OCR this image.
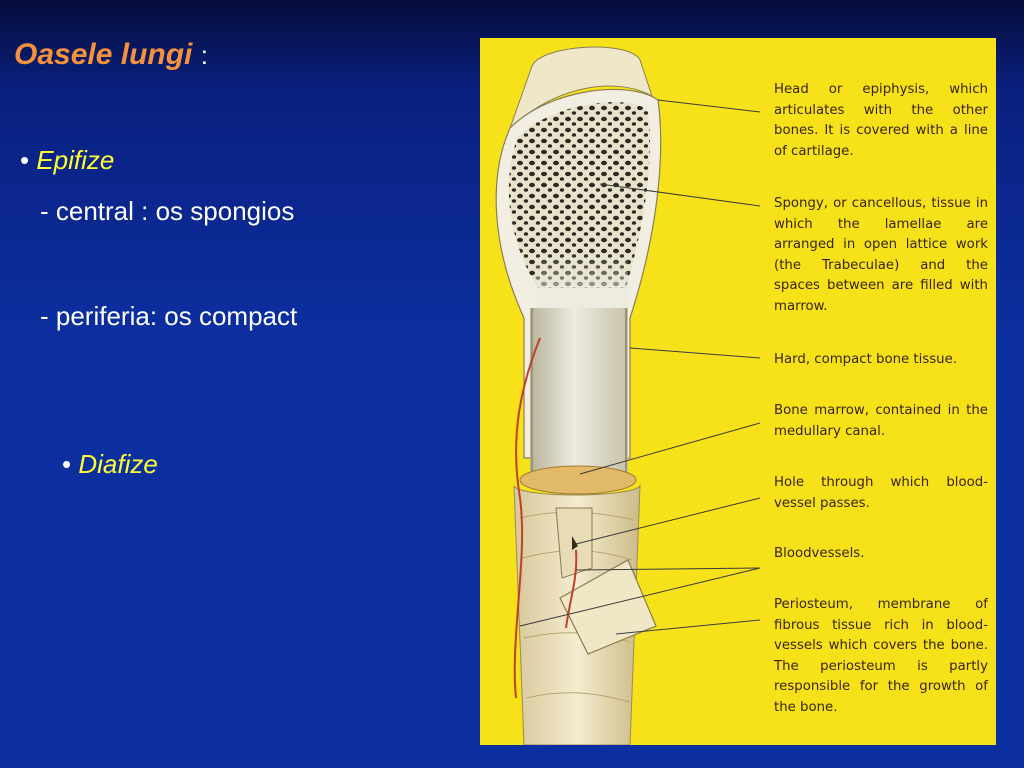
Oasele lungi :
• Epifize
- central : os spongios
- periferia: os compact
• Diafize
Head or epiphysis, which articulates with the other bones. It is covered with a line of cartilage.
Spongy, or cancellous, tissue in which the lamellae are arranged in open lattice work (the Trabeculae) and the spaces between are filled with marrow.
Hard, compact bone tissue.
Bone marrow, contained in the medullary canal.
Hole through which blood-vessel passes.
Bloodvessels.
Periosteum, membrane of fibrous tissue rich in blood-vessels which covers the bone. The periosteum is partly responsible for the growth of the bone.
